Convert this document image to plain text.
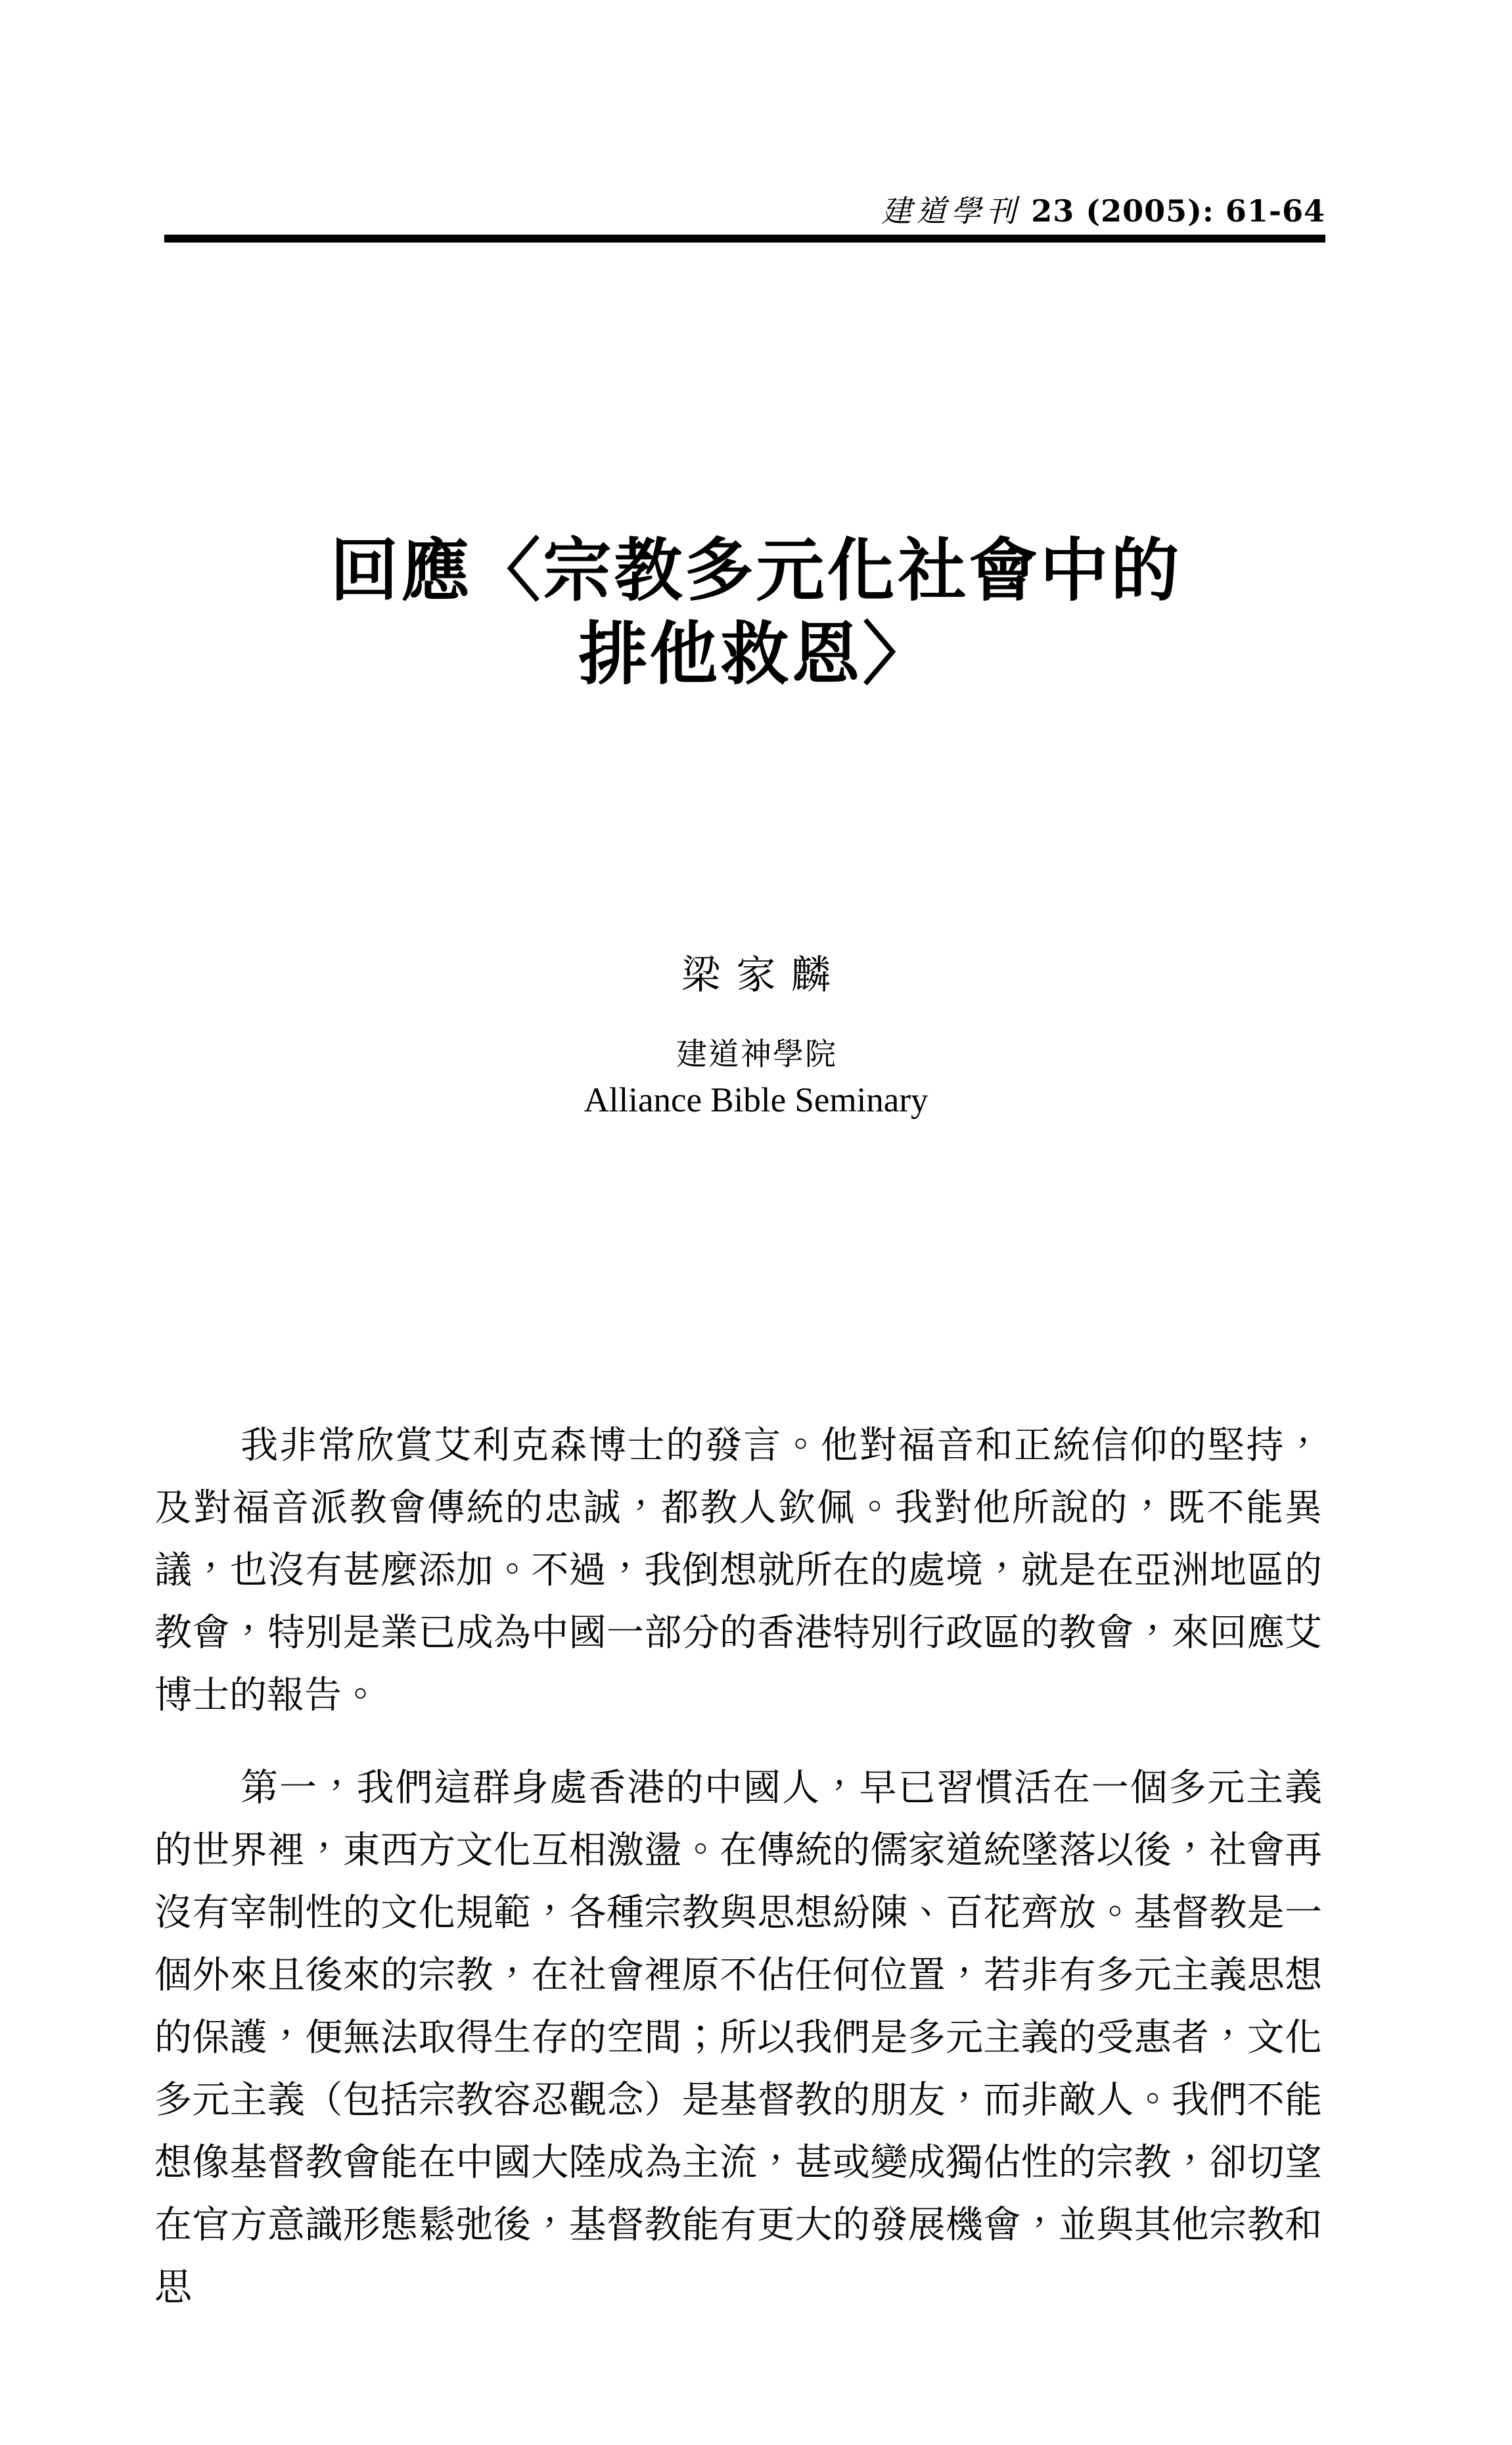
建道學刊 23 (2005): 61-64
回應〈宗教多元化社會中的
排他救恩〉
梁家麟
建道神學院
Alliance Bible Seminary

我非常欣賞艾利克森博士的發言。他對福音和正統信仰的堅持，及對福音派教會傳統的忠誠，都教人欽佩。我對他所說的，既不能異議，也沒有甚麼添加。不過，我倒想就所在的處境，就是在亞洲地區的教會，特別是業已成為中國一部分的香港特別行政區的教會，來回應艾博士的報告。

第一，我們這群身處香港的中國人，早已習慣活在一個多元主義的世界裡，東西方文化互相激盪。在傳統的儒家道統墜落以後，社會再沒有宰制性的文化規範，各種宗教與思想紛陳、百花齊放。基督教是一個外來且後來的宗教，在社會裡原不佔任何位置，若非有多元主義思想的保護，便無法取得生存的空間；所以我們是多元主義的受惠者，文化多元主義（包括宗教容忍觀念）是基督教的朋友，而非敵人。我們不能想像基督教會能在中國大陸成為主流，甚或變成獨佔性的宗教，卻切望在官方意識形態鬆弛後，基督教能有更大的發展機會，並與其他宗教和思
